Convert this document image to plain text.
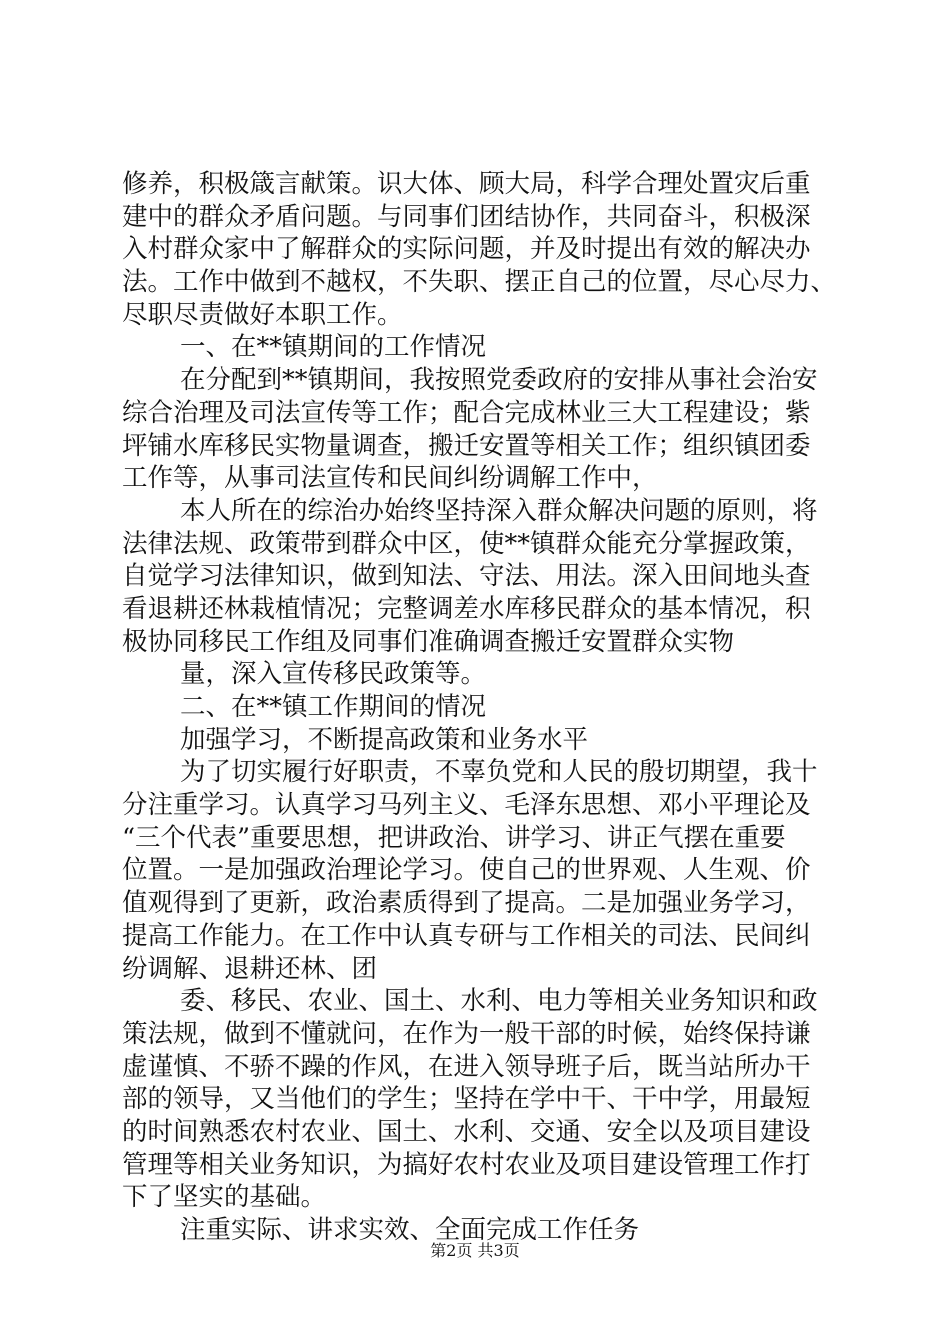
修养，积极箴言献策。识大体、顾大局，科学合理处置灾后重
建中的群众矛盾问题。与同事们团结协作，共同奋斗，积极深
入村群众家中了解群众的实际问题，并及时提出有效的解决办
法。工作中做到不越权，不失职、摆正自己的位置，尽心尽力、
尽职尽责做好本职工作。
一、在**镇期间的工作情况
在分配到**镇期间，我按照党委政府的安排从事社会治安
综合治理及司法宣传等工作；配合完成林业三大工程建设；紫
坪铺水库移民实物量调查，搬迁安置等相关工作；组织镇团委
工作等，从事司法宣传和民间纠纷调解工作中，
本人所在的综治办始终坚持深入群众解决问题的原则，将
法律法规、政策带到群众中区，使**镇群众能充分掌握政策，
自觉学习法律知识，做到知法、守法、用法。深入田间地头查
看退耕还林栽植情况；完整调差水库移民群众的基本情况，积
极协同移民工作组及同事们准确调查搬迁安置群众实物
量，深入宣传移民政策等。
二、在**镇工作期间的情况
加强学习，不断提高政策和业务水平
为了切实履行好职责，不辜负党和人民的殷切期望，我十
分注重学习。认真学习马列主义、毛泽东思想、邓小平理论及
“三个代表”重要思想，把讲政治、讲学习、讲正气摆在重要
位置。一是加强政治理论学习。使自己的世界观、人生观、价
值观得到了更新，政治素质得到了提高。二是加强业务学习，
提高工作能力。在工作中认真专研与工作相关的司法、民间纠
纷调解、退耕还林、团
委、移民、农业、国土、水利、电力等相关业务知识和政
策法规，做到不懂就问，在作为一般干部的时候，始终保持谦
虚谨慎、不骄不躁的作风，在进入领导班子后，既当站所办干
部的领导，又当他们的学生；坚持在学中干、干中学，用最短
的时间熟悉农村农业、国土、水利、交通、安全以及项目建设
管理等相关业务知识，为搞好农村农业及项目建设管理工作打
下了坚实的基础。
注重实际、讲求实效、全面完成工作任务
第2页 共3页
